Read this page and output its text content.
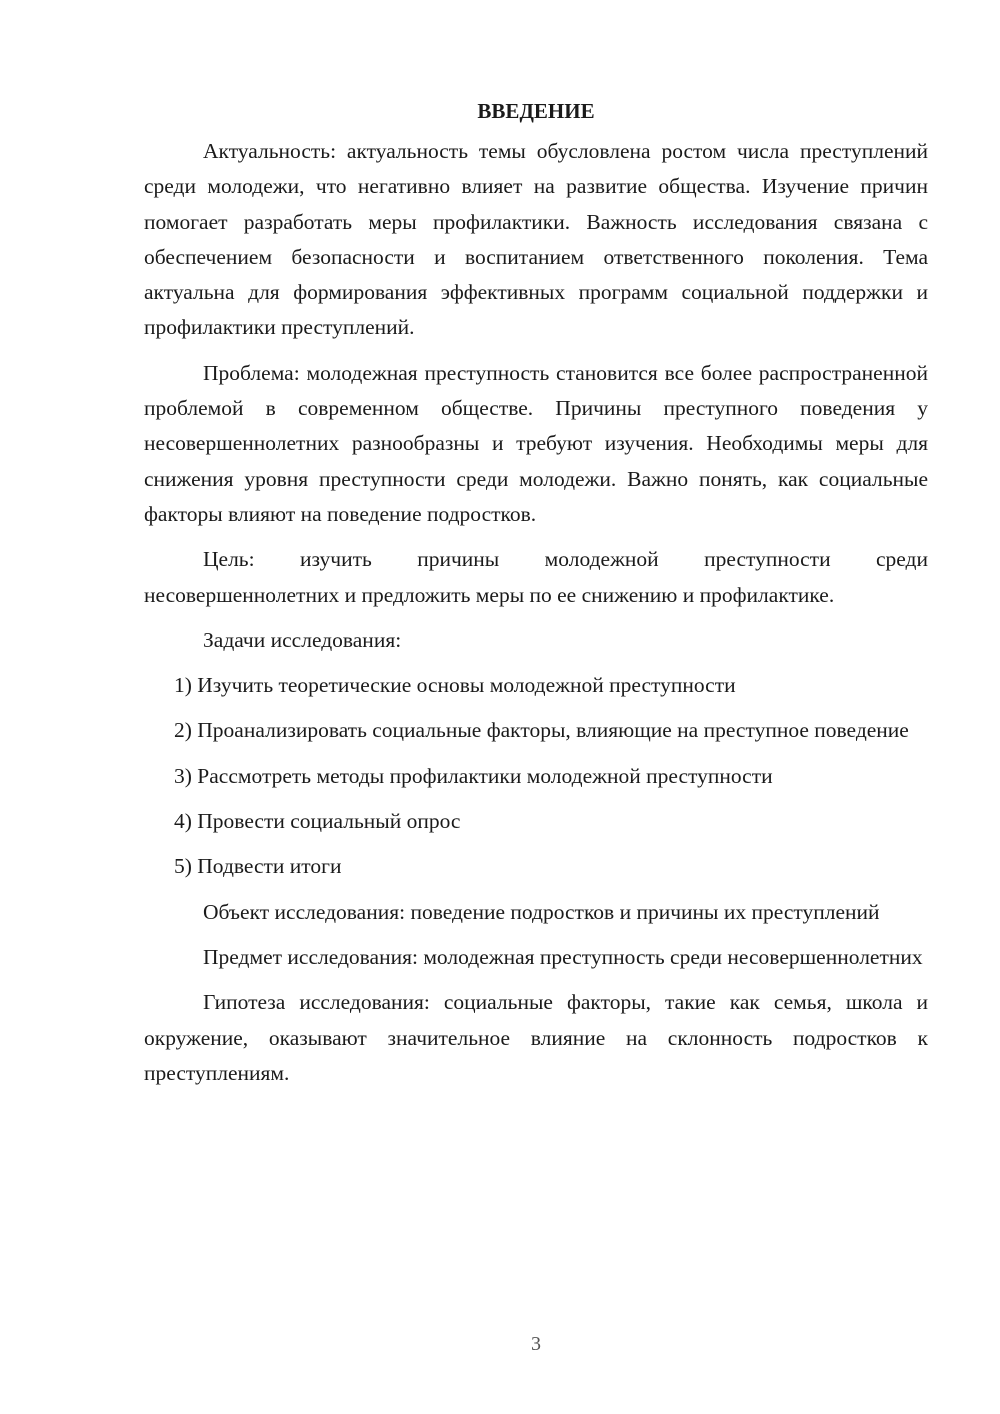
ВВЕДЕНИЕ

Актуальность: актуальность темы обусловлена ростом числа преступлений среди молодежи, что негативно влияет на развитие общества. Изучение причин помогает разработать меры профилактики. Важность исследования связана с обеспечением безопасности и воспитанием ответственного поколения. Тема актуальна для формирования эффективных программ социальной поддержки и профилактики преступлений.

Проблема: молодежная преступность становится все более распространенной проблемой в современном обществе. Причины преступного поведения у несовершеннолетних разнообразны и требуют изучения. Необходимы меры для снижения уровня преступности среди молодежи. Важно понять, как социальные факторы влияют на поведение подростков.

Цель: изучить причины молодежной преступности среди несовершеннолетних и предложить меры по ее снижению и профилактике.

Задачи исследования:

1) Изучить теоретические основы молодежной преступности

2) Проанализировать социальные факторы, влияющие на преступное поведение

3) Рассмотреть методы профилактики молодежной преступности

4) Провести социальный опрос

5) Подвести итоги

Объект исследования: поведение подростков и причины их преступлений

Предмет исследования: молодежная преступность среди несовершеннолетних

Гипотеза исследования: социальные факторы, такие как семья, школа и окружение, оказывают значительное влияние на склонность подростков к преступлениям.

3
